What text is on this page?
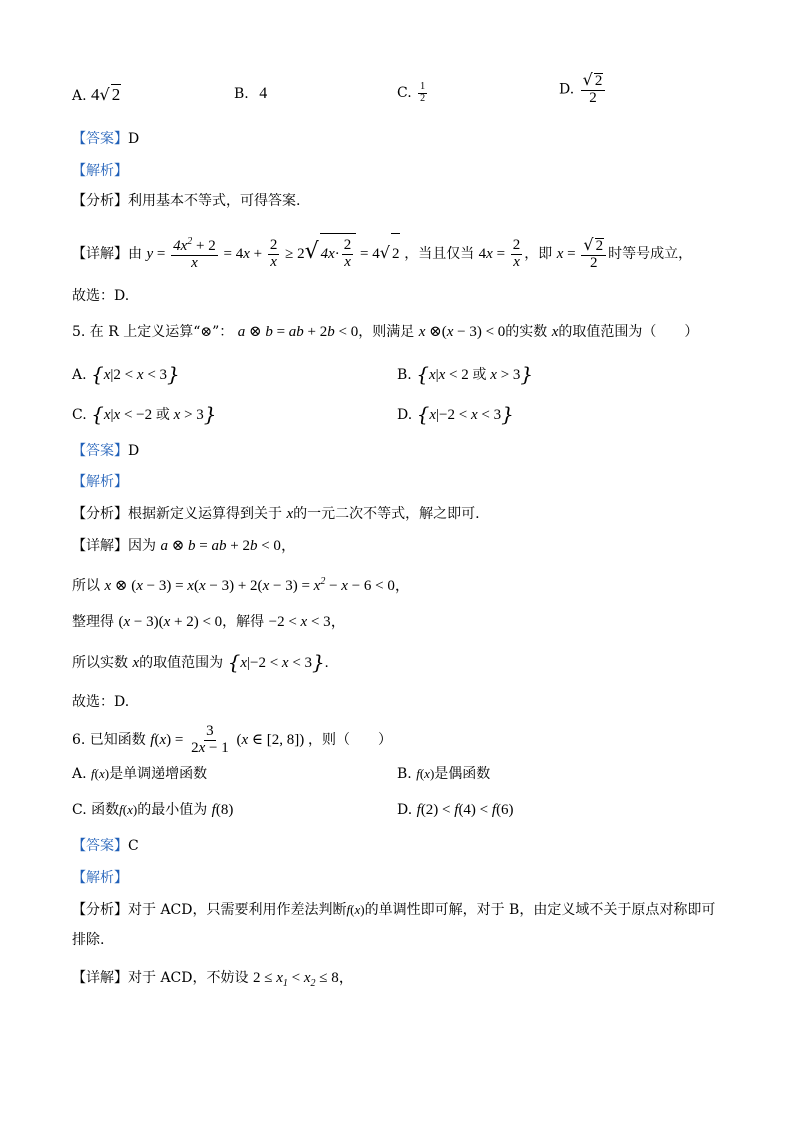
A. 4√ 2	B. 4	C. $\frac{1}{2}$	D. $\frac{√ 2}{2}$
【答案】D
【解析】
【分析】利用基本不等式，可得答案.
【详解】由 $y = \frac{4x^2 + 2}{x} = 4x + \frac{2}{x} \ge 2√$ $4x\cdot \frac{2}{x} = 4√$ 2 ，当且仅当 $4x = \frac{2}{x}$ ，即 $x = \frac{√ 2}{2}$ 时等号成立，
故选：D.
5. 在 R 上定义运算“⊗”： a ⊗ b = ab + 2b < 0，则满足 x ⊗(x − 3) < 0的实数 x的取值范围为（　　）
A. {x|2 < x < 3}	B. {x|x < 2 或 x > 3}
C. {x|x < −2 或 x > 3}	D. {x|−2 < x < 3}
【答案】D
【解析】
【分析】根据新定义运算得到关于 x的一元二次不等式，解之即可.
【详解】因为 a ⊗ b = ab + 2b < 0，
所以 x ⊗ $(x - 3) = x(x - 3) + 2(x - 3) = x^2 - x - 6 < 0$，
整理得 (x − 3)(x + 2) < 0，解得 −2 < x < 3，
所以实数 x的取值范围为 {x|−2 < x < 3}.
故选：D.
6. 已知函数 $f(x) = \frac{3}{2x - 1} (x$ ∈ [2, 8]) ，则（　　）
A. f(x)是单调递增函数	B. f(x)是偶函数
C. 函数f(x)的最小值为 f(8)	D. f(2) < f(4) < f(6)
【答案】C
【解析】
【分析】对于 ACD，只需要利用作差法判断f(x)的单调性即可解，对于 B，由定义域不关于原点对称即可
排除.
【详解】对于 ACD，不妨设 $2 \le x_1 < x_2 \le 8$，
